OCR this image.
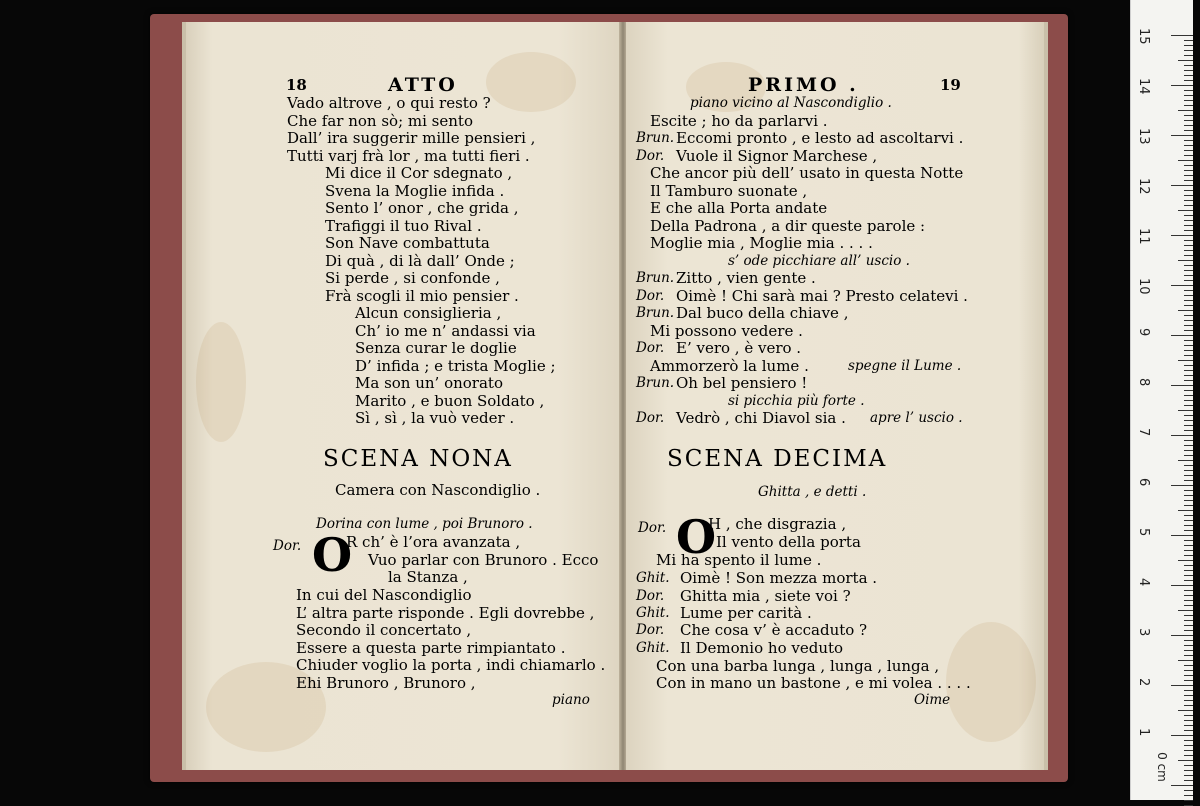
15
14
13
12
11
10
9
8
7
6
5
4
3
2
1
0 cm
18	ATTO
Vado altrove , o qui resto ?
Che far non sò; mi sento
Dall’ ira suggerir mille pensieri ,
Tutti varj frà lor , ma tutti fieri .
Mi dice il Cor sdegnato ,
Svena la Moglie infida .
Sento l’ onor , che grida ,
Trafiggi il tuo Rival .
Son Nave combattuta
Di quà , di là dall’ Onde ;
Si perde , si confonde ,
Frà scogli il mio pensier .
Alcun consiglieria ,
Ch’ io me n’ andassi via
Senza curar le doglie
D’ infida ; e trista Moglie ;
Ma son un’ onorato
Marito , e buon Soldato ,
Sì , sì , la vuò veder .
SCENA NONA
Camera con Nascondiglio .
Dorina con lume , poi Brunoro .
Dor. O
R ch’ è l’ora avanzata ,
Vuo parlar con Brunoro . Ecco
la Stanza ,
In cui del Nascondiglio
L’ altra parte risponde . Egli dovrebbe ,
Secondo il concertato ,
Essere a questa parte rimpiantato .
Chiuder voglio la porta , indi chiamarlo .
Ehi Brunoro , Brunoro ,
piano
PRIMO .	19
piano vicino al Nascondiglio .
Escite ; ho da parlarvi .
Brun. Eccomi pronto , e lesto ad ascoltarvi .
Dor. Vuole il Signor Marchese ,
Che ancor più dell’ usato in questa Notte
Il Tamburo suonate ,
E che alla Porta andate
Della Padrona , a dir queste parole :
Moglie mia , Moglie mia . . . .
s’ ode picchiare all’ uscio .
Brun. Zitto , vien gente .
Dor. Oimè ! Chi sarà mai ? Presto celatevi .
Brun. Dal buco della chiave ,
Mi possono vedere .
Dor. E’ vero , è vero .
Ammorzerò la lume .	spegne il Lume .
Brun. Oh bel pensiero !
si picchia più forte .
Dor. Vedrò , chi Diavol sia . apre l’ uscio .
SCENA DECIMA
Ghitta , e detti .
Dor. O
H , che disgrazia ,
Il vento della porta
Mi ha spento il lume .
Ghit. Oimè ! Son mezza morta .
Dor. Ghitta mia , siete voi ?
Ghit. Lume per carità .
Dor. Che cosa v’ è accaduto ?
Ghit. Il Demonio ho veduto
Con una barba lunga , lunga , lunga ,
Con in mano un bastone , e mi volea . . . .
Oime
